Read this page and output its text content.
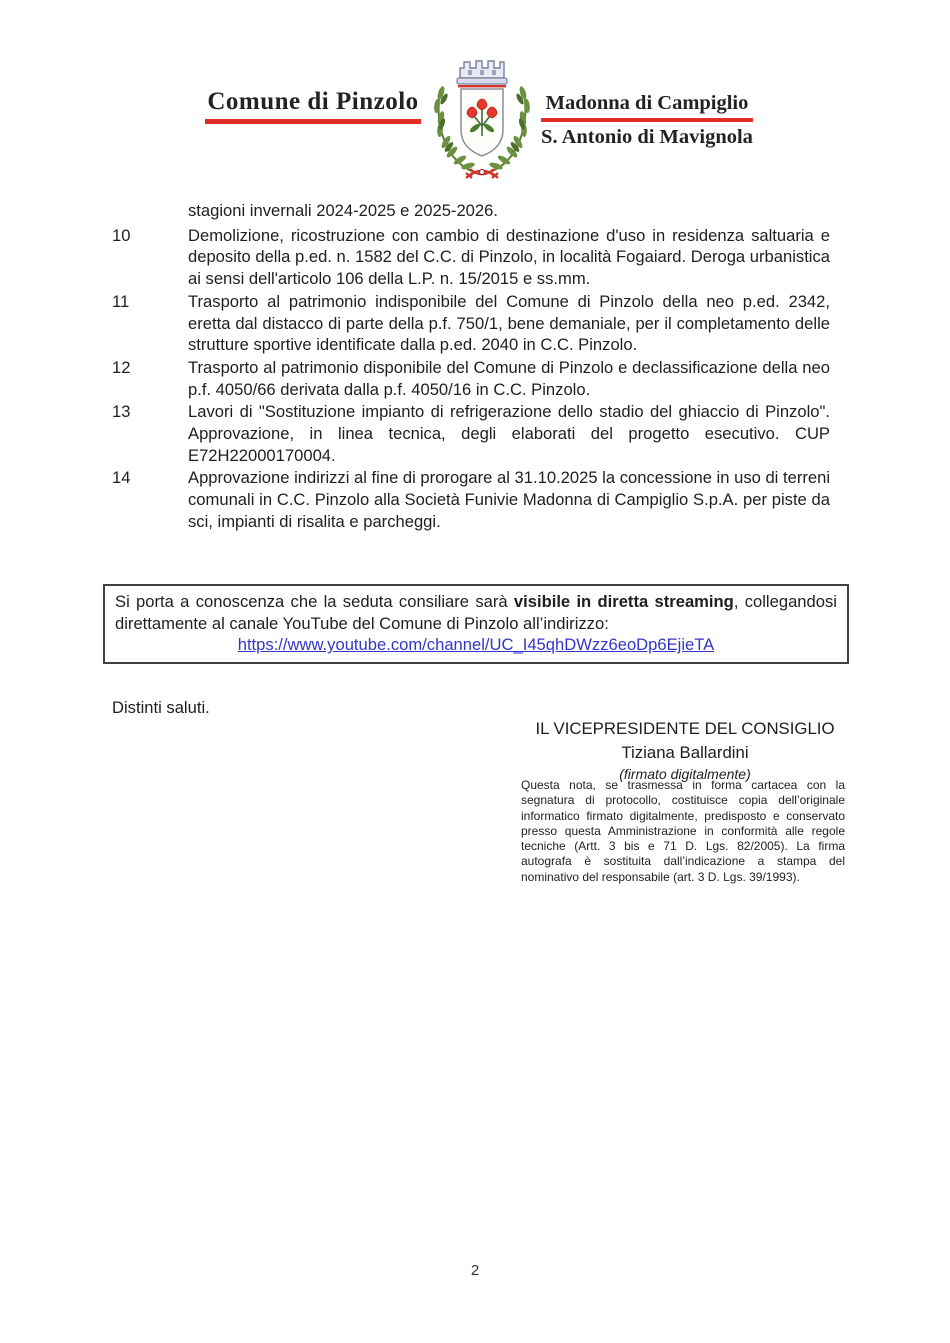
Comune di Pinzolo	Madonna di Campiglio
S. Antonio di Mavignola
stagioni invernali 2024-2025 e 2025-2026.
10	Demolizione, ricostruzione con cambio di destinazione d'uso in residenza saltuaria e deposito della p.ed. n. 1582 del C.C. di Pinzolo, in località Fogaiard. Deroga urbanistica ai sensi dell'articolo 106 della L.P. n. 15/2015 e ss.mm.
11	Trasporto al patrimonio indisponibile del Comune di Pinzolo della neo p.ed. 2342, eretta dal distacco di parte della p.f. 750/1, bene demaniale, per il completamento delle strutture sportive identificate dalla p.ed. 2040 in C.C. Pinzolo.
12	Trasporto al patrimonio disponibile del Comune di Pinzolo e declassificazione della neo p.f. 4050/66 derivata dalla p.f. 4050/16 in C.C. Pinzolo.
13	Lavori di "Sostituzione impianto di refrigerazione dello stadio del ghiaccio di Pinzolo". Approvazione, in linea tecnica, degli elaborati del progetto esecutivo. CUP E72H22000170004.
14	Approvazione indirizzi al fine di prorogare al 31.10.2025 la concessione in uso di terreni comunali in C.C. Pinzolo alla Società Funivie Madonna di Campiglio S.p.A. per piste da sci, impianti di risalita e parcheggi.
Si porta a conoscenza che la seduta consiliare sarà visibile in diretta streaming, collegandosi direttamente al canale YouTube del Comune di Pinzolo all’indirizzo:
https://www.youtube.com/channel/UC_I45qhDWzz6eoDp6EjieTA
Distinti saluti.
IL VICEPRESIDENTE DEL CONSIGLIO
Tiziana Ballardini
(firmato digitalmente)
Questa nota, se trasmessa in forma cartacea con la segnatura di protocollo, costituisce copia dell’originale informatico firmato digitalmente, predisposto e conservato presso questa Amministrazione in conformità alle regole tecniche (Artt. 3 bis e 71 D. Lgs. 82/2005). La firma autografa è sostituita dall’indicazione a stampa del nominativo del responsabile (art. 3 D. Lgs. 39/1993).
2
